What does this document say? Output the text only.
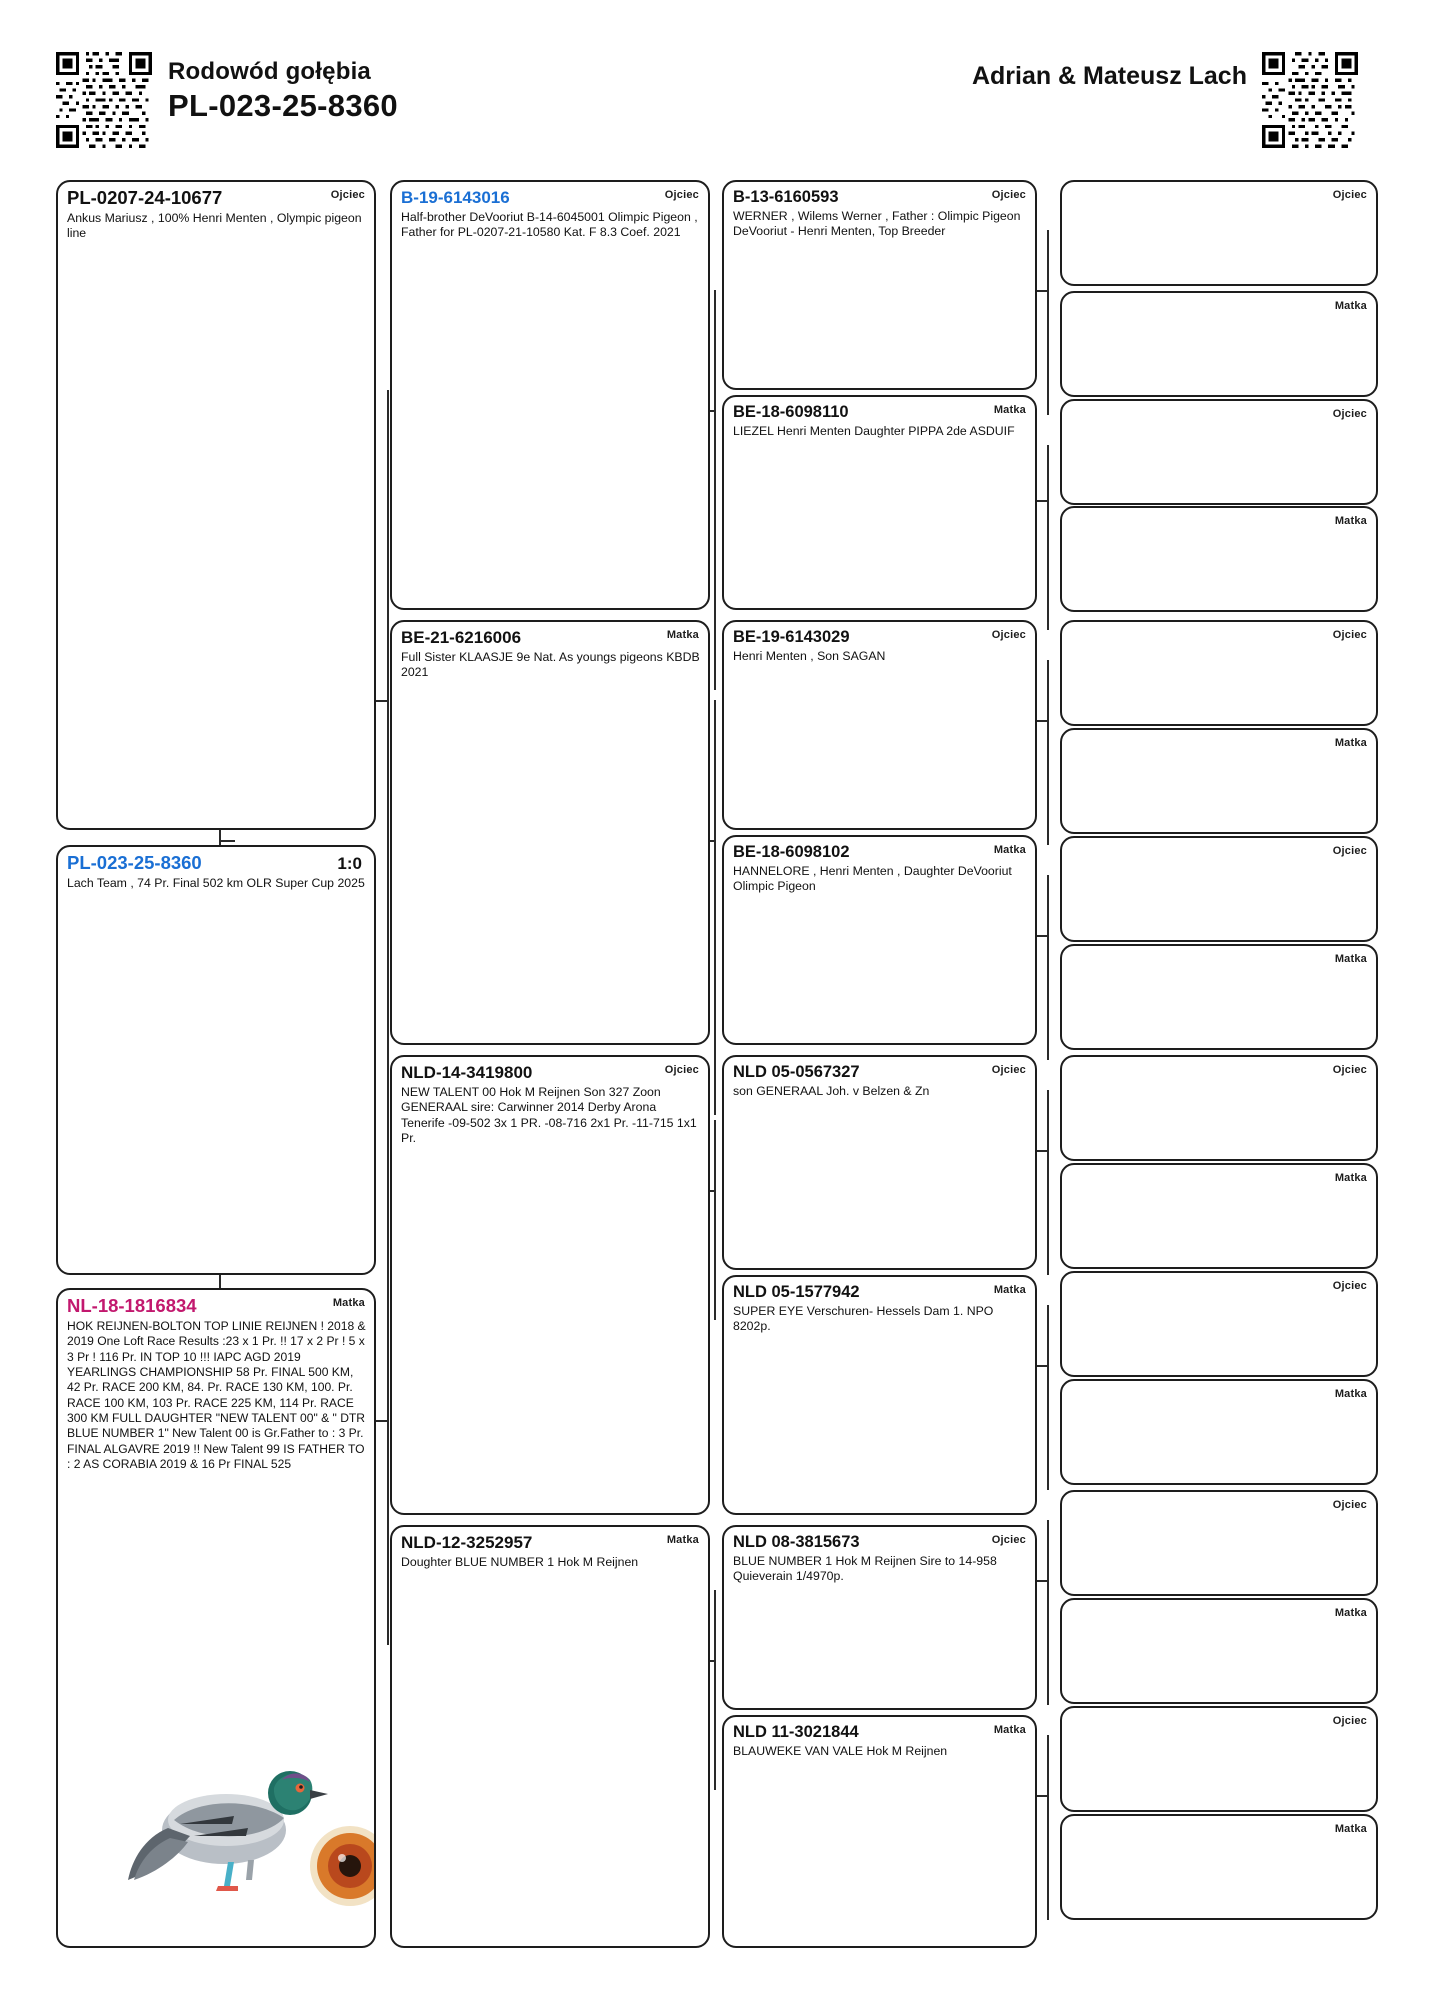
Rodowód gołębia
PL-023-25-8360
Adrian & Mateusz Lach
PL-023-25-8360	1:0
Lach Team , 74 Pr. Final 502 km OLR Super Cup 2025
PL-0207-24-10677	Ojciec
Ankus Mariusz , 100% Henri Menten , Olympic pigeon line
NL-18-1816834	Matka
HOK REIJNEN-BOLTON TOP LINIE REIJNEN ! 2018 & 2019 One Loft Race Results :23 x 1 Pr. !! 17 x 2 Pr ! 5 x 3 Pr ! 116 Pr. IN TOP 10 !!! IAPC AGD 2019 YEARLINGS CHAMPIONSHIP 58 Pr. FINAL 500 KM, 42 Pr. RACE 200 KM, 84. Pr. RACE 130 KM, 100. Pr. RACE 100 KM, 103 Pr. RACE 225 KM, 114 Pr. RACE 300 KM FULL DAUGHTER "NEW TALENT 00" & " DTR BLUE NUMBER 1" New Talent 00 is Gr.Father to : 3 Pr. FINAL ALGAVRE 2019 !! New Talent 99 IS FATHER TO : 2 AS CORABIA 2019 & 16 Pr FINAL 525
B-19-6143016	Ojciec
Half-brother DeVooriut B-14-6045001 Olimpic Pigeon , Father for PL-0207-21-10580 Kat. F 8.3 Coef. 2021
BE-21-6216006	Matka
Full Sister KLAASJE 9e Nat. As youngs pigeons KBDB 2021
NLD-14-3419800	Ojciec
NEW TALENT 00 Hok M Reijnen Son 327 Zoon GENERAAL sire: Carwinner 2014 Derby Arona Tenerife -09-502 3x 1 PR. -08-716 2x1 Pr. -11-715 1x1 Pr.
NLD-12-3252957	Matka
Doughter BLUE NUMBER 1 Hok M Reijnen
B-13-6160593	Ojciec
WERNER , Wilems Werner , Father : Olimpic Pigeon DeVooriut - Henri Menten, Top Breeder
BE-18-6098110	Matka
LIEZEL Henri Menten Daughter PIPPA 2de ASDUIF
BE-19-6143029	Ojciec
Henri Menten , Son SAGAN
BE-18-6098102	Matka
HANNELORE , Henri Menten , Daughter DeVooriut Olimpic Pigeon
NLD 05-0567327	Ojciec
son GENERAAL Joh. v Belzen & Zn
NLD 05-1577942	Matka
SUPER EYE Verschuren- Hessels Dam 1. NPO 8202p.
NLD 08-3815673	Ojciec
BLUE NUMBER 1 Hok M Reijnen Sire to 14-958 Quieverain 1/4970p.
NLD 11-3021844	Matka
BLAUWEKE VAN VALE Hok M Reijnen
Ojciec
Matka
Ojciec
Matka
Ojciec
Matka
Ojciec
Matka
Ojciec
Matka
Ojciec
Matka
Ojciec
Matka
Ojciec
Matka
